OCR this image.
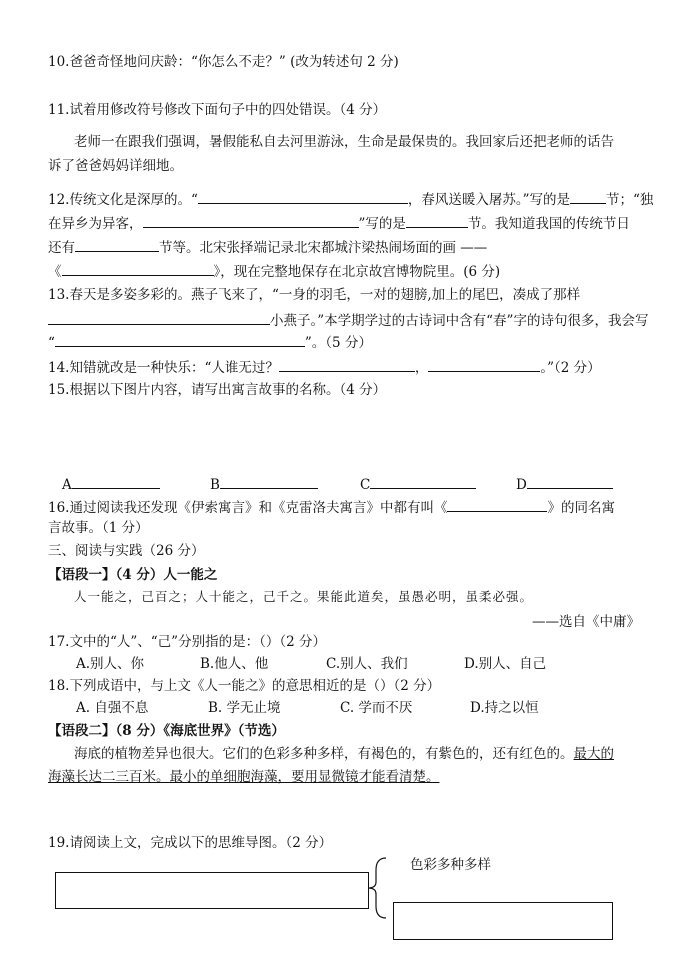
10.爸爸奇怪地问庆龄：“你怎么不走？” (改为转述句 2 分)
11.试着用修改符号修改下面句子中的四处错误。（4 分）
老师一在跟我们强调，暑假能私自去河里游泳，生命是最保贵的。我回家后还把老师的话告
诉了爸爸妈妈详细地。
12.传统文化是深厚的。“	，春风送暖入屠苏。”写的是	节；“独
在异乡为异客，	”写的是	节。我知道我国的传统节日
还有	节等。北宋张择端记录北宋都城汴梁热闹场面的画 ——
《	》，现在完整地保存在北京故宫博物院里。(6 分)
13.春天是多姿多彩的。燕子飞来了，“一身的羽毛，一对的翅膀,加上的尾巴，凑成了那样
小燕子。”本学期学过的古诗词中含有“春”字的诗句很多，我会写
“	”。（5 分）
14.知错就改是一种快乐：“人谁无过？	，	。”（2 分）
15.根据以下图片内容，请写出寓言故事的名称。（4 分）
A	B	C	D
16.通过阅读我还发现《伊索寓言》和《克雷洛夫寓言》中都有叫《	》的同名寓
言故事。（1 分）
三、阅读与实践（26 分）
【语段一】（4 分）人一能之
人一能之，己百之；人十能之，己千之。果能此道矣，虽愚必明，虽柔必强。
——选自《中庸》
17.文中的“人”、“己”分别指的是：（）（2 分）
A.别人、你	B.他人、他	C.别人、我们	D.别人、自己
18.下列成语中，与上文《人一能之》的意思相近的是（）（2 分）
A. 自强不息	B. 学无止境	C. 学而不厌	D.持之以恒
【语段二】（8 分）《海底世界》（节选）
海底的植物差异也很大。它们的色彩多种多样，有褐色的，有紫色的，还有红色的。最大的
海藻长达二三百米。最小的单细胞海藻，要用显微镜才能看清楚。
19.请阅读上文，完成以下的思维导图。（2 分）
色彩多种多样
